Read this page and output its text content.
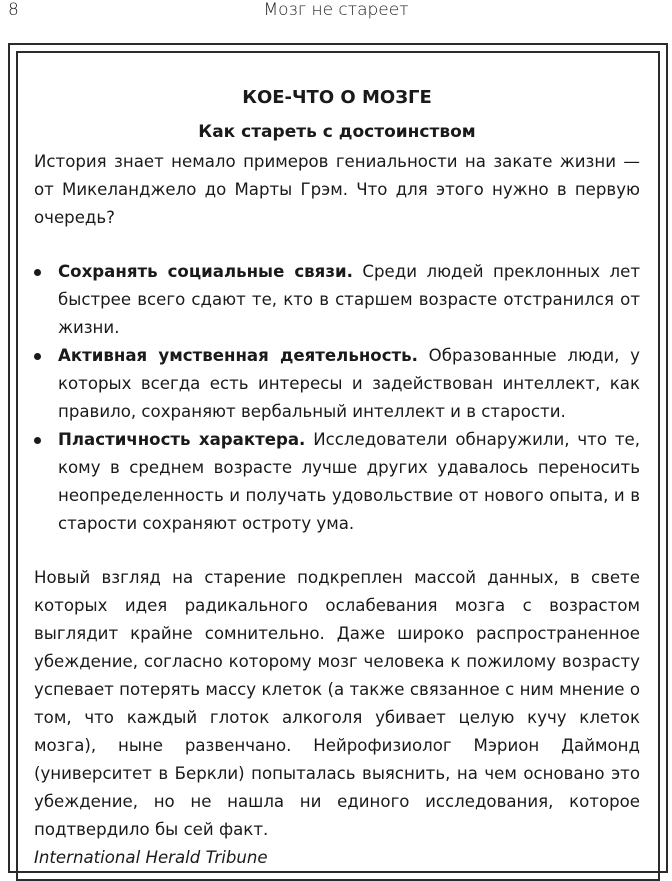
8	Мозг не стареет
КОЕ-ЧТО О МОЗГЕ
Как стареть с достоинством

История знает немало примеров гениальности на закате жизни — от Микеланджело до Марты Грэм. Что для этого нужно в первую очередь?

Сохранять социальные связи. Среди людей преклонных лет быстрее всего сдают те, кто в старшем возрасте отстранился от жизни.
Активная умственная деятельность. Образованные люди, у которых всегда есть интересы и задействован интеллект, как правило, сохраняют вербальный интеллект и в старости.
Пластичность характера. Исследователи обнаружили, что те, кому в среднем возрасте лучше других удавалось переносить неопределенность и получать удовольствие от нового опыта, и в старости сохраняют остроту ума.

Новый взгляд на старение подкреплен массой данных, в свете которых идея радикального ослабевания мозга с возрастом выглядит крайне сомнительно. Даже широко распространенное убеждение, согласно которому мозг человека к пожилому возрасту успевает потерять массу клеток (а также связанное с ним мнение о том, что каждый глоток алкоголя убивает целую кучу клеток мозга), ныне развенчано. Нейрофизиолог Мэрион Даймонд (университет в Беркли) попыталась выяснить, на чем основано это убеждение, но не нашла ни единого исследования, которое подтвердило бы сей факт.

International Herald Tribune
